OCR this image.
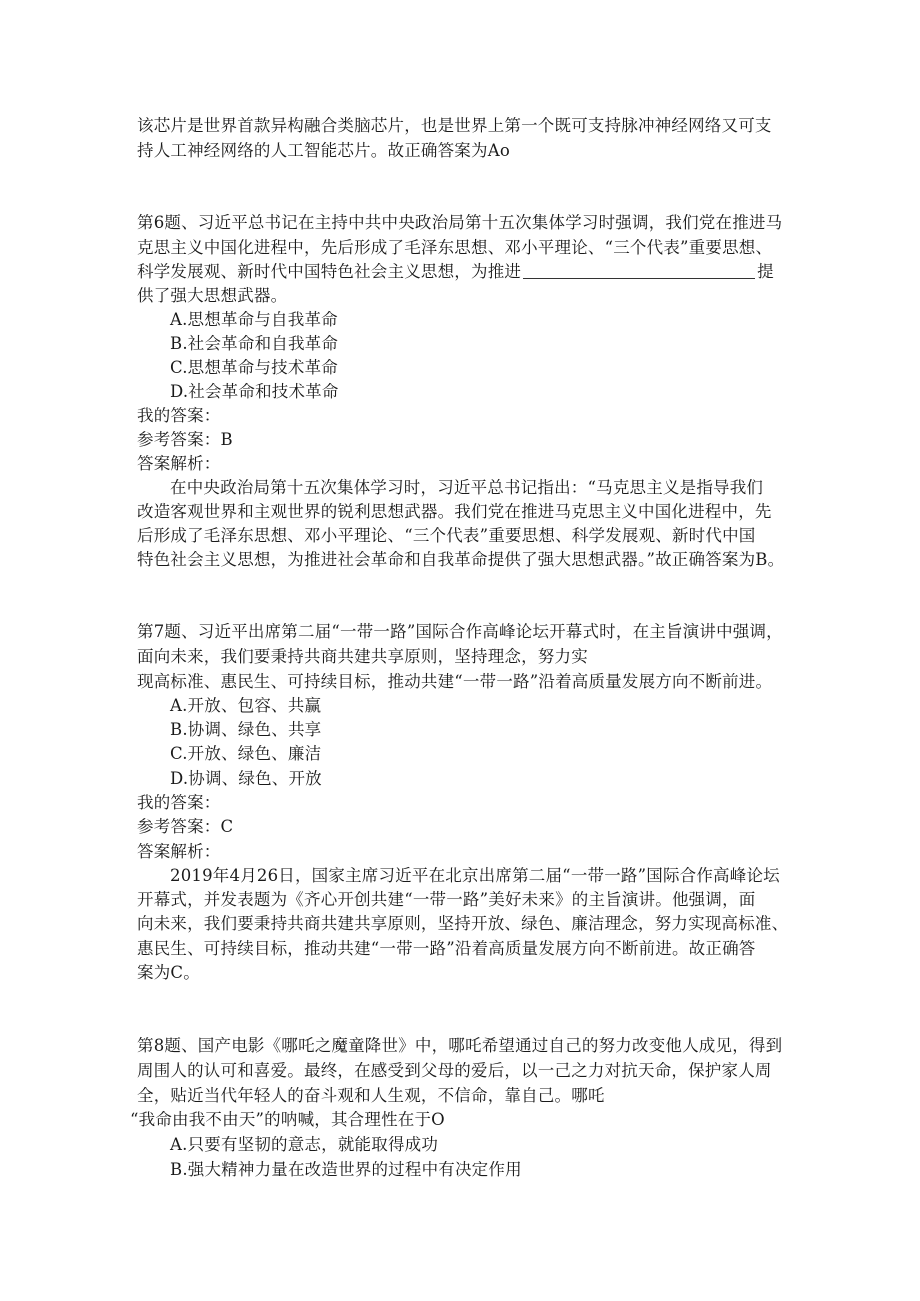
该芯片是世界首款异构融合类脑芯片，也是世界上第一个既可支持脉冲神经网络又可支
持人工神经网络的人工智能芯片。故正确答案为Ao
第6题、习近平总书记在主持中共中央政治局第十五次集体学习时强调，我们党在推进马
克思主义中国化进程中，先后形成了毛泽东思想、邓小平理论、“三个代表”重要思想、
科学发展观、新时代中国特色社会主义思想，为推进	提
供了强大思想武器。
A.思想革命与自我革命
B.社会革命和自我革命
C.思想革命与技术革命
D.社会革命和技术革命
我的答案：
参考答案：B
答案解析：
在中央政治局第十五次集体学习时，习近平总书记指出：“马克思主义是指导我们
改造客观世界和主观世界的锐利思想武器。我们党在推进马克思主义中国化进程中，先
后形成了毛泽东思想、邓小平理论、“三个代表”重要思想、科学发展观、新时代中国
特色社会主义思想，为推进社会革命和自我革命提供了强大思想武器。”故正确答案为B。
第7题、习近平出席第二届“一带一路”国际合作高峰论坛开幕式时，在主旨演讲中强调，
面向未来，我们要秉持共商共建共享原则，坚持理念，努力实
现高标准、惠民生、可持续目标，推动共建“一带一路”沿着高质量发展方向不断前进。
A.开放、包容、共赢
B.协调、绿色、共享
C.开放、绿色、廉洁
D.协调、绿色、开放
我的答案：
参考答案：C
答案解析：
2019年4月26日，国家主席习近平在北京出席第二届“一带一路”国际合作高峰论坛
开幕式，并发表题为《齐心开创共建“一带一路”美好未来》的主旨演讲。他强调，面
向未来，我们要秉持共商共建共享原则，坚持开放、绿色、廉洁理念，努力实现高标准、
惠民生、可持续目标，推动共建“一带一路”沿着高质量发展方向不断前进。故正确答
案为C。
第8题、国产电影《哪吒之魔童降世》中，哪吒希望通过自己的努力改变他人成见，得到
周围人的认可和喜爱。最终，在感受到父母的爱后，以一己之力对抗天命，保护家人周
全，贴近当代年轻人的奋斗观和人生观，不信命，靠自己。哪吒
“我命由我不由天”的呐喊，其合理性在于O
A.只要有坚韧的意志，就能取得成功
B.强大精神力量在改造世界的过程中有决定作用
